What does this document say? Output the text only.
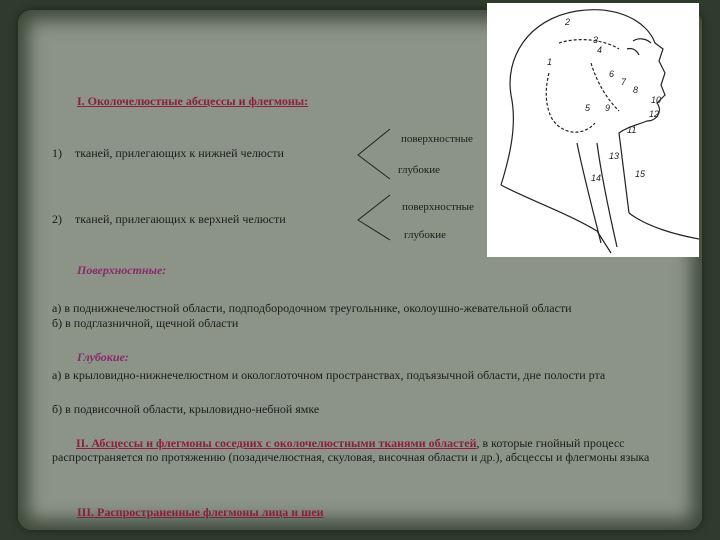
I. Околочелюстные абсцессы и флегмоны:
1) тканей, прилегающих к нижней челюсти
2) тканей, прилегающих к верхней челюсти
поверхностные
глубокие
поверхностные
глубокие
Поверхностные:
а) в поднижнечелюстной области, подподбородочном треугольнике, околоушно-жевательной области
б) в подглазничной, щечной области
Глубокие:
а) в крыловидно-нижнечелюстном и окологлоточном пространствах, подъязычной области, дне полости рта
б) в подвисочной области, крыловидно-небной ямке
II. Абсцессы и флегмоны соседних с околочелюстными тканями областей, в которые гнойный процесс распространяется по протяжению (позадичелюстная, скуловая, височная области и др.), абсцессы и флегмоны языка
III. Распространенные флегмоны лица и шеи
2
1
3
4
5
6
7
8
9
10
11
12
13
14	15
